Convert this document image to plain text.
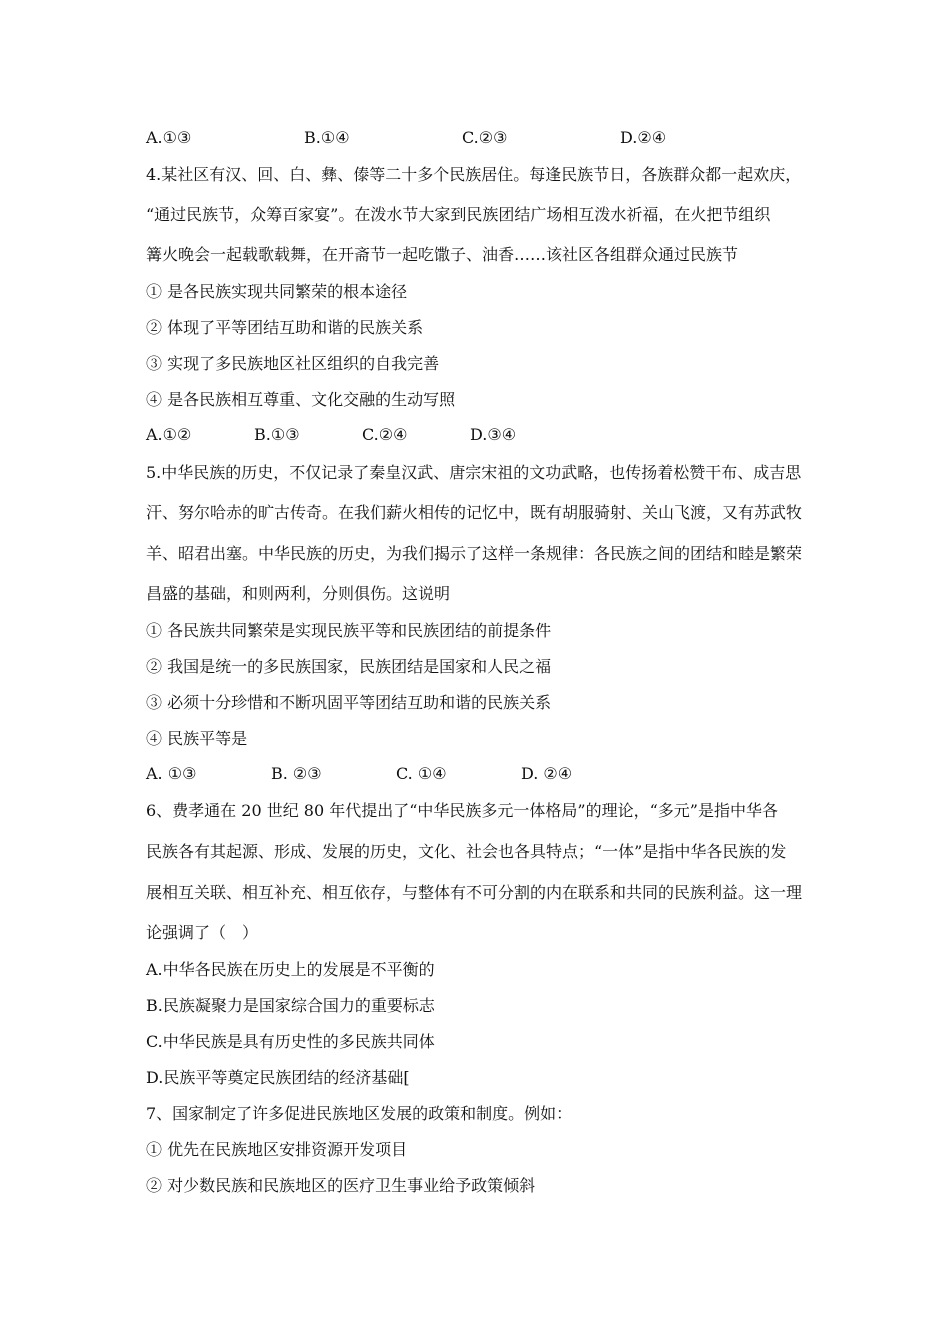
A.①③	B.①④	C.②③	D.②④
4.某社区有汉、回、白、彝、傣等二十多个民族居住。每逢民族节日，各族群众都一起欢庆，
“通过民族节，众筹百家宴”。在泼水节大家到民族团结广场相互泼水祈福，在火把节组织
篝火晚会一起载歌载舞，在开斋节一起吃馓子、油香……该社区各组群众通过民族节
① 是各民族实现共同繁荣的根本途径
② 体现了平等团结互助和谐的民族关系
③ 实现了多民族地区社区组织的自我完善
④ 是各民族相互尊重、文化交融的生动写照
A.①②	B.①③	C.②④	D.③④
5.中华民族的历史，不仅记录了秦皇汉武、唐宗宋祖的文功武略，也传扬着松赞干布、成吉思
汗、努尔哈赤的旷古传奇。在我们薪火相传的记忆中，既有胡服骑射、关山飞渡，又有苏武牧
羊、昭君出塞。中华民族的历史，为我们揭示了这样一条规律：各民族之间的团结和睦是繁荣
昌盛的基础，和则两利，分则俱伤。这说明
① 各民族共同繁荣是实现民族平等和民族团结的前提条件
② 我国是统一的多民族国家，民族团结是国家和人民之福
③ 必须十分珍惜和不断巩固平等团结互助和谐的民族关系
④ 民族平等是
A. ①③	B. ②③	C. ①④	D. ②④
6、费孝通在 20 世纪 80 年代提出了“中华民族多元一体格局”的理论，“多元”是指中华各
民族各有其起源、形成、发展的历史，文化、社会也各具特点；“一体”是指中华各民族的发
展相互关联、相互补充、相互依存，与整体有不可分割的内在联系和共同的民族利益。这一理
论强调了（　）
A.中华各民族在历史上的发展是不平衡的
B.民族凝聚力是国家综合国力的重要标志
C.中华民族是具有历史性的多民族共同体
D.民族平等奠定民族团结的经济基础[
7、国家制定了许多促进民族地区发展的政策和制度。例如：
① 优先在民族地区安排资源开发项目
② 对少数民族和民族地区的医疗卫生事业给予政策倾斜
